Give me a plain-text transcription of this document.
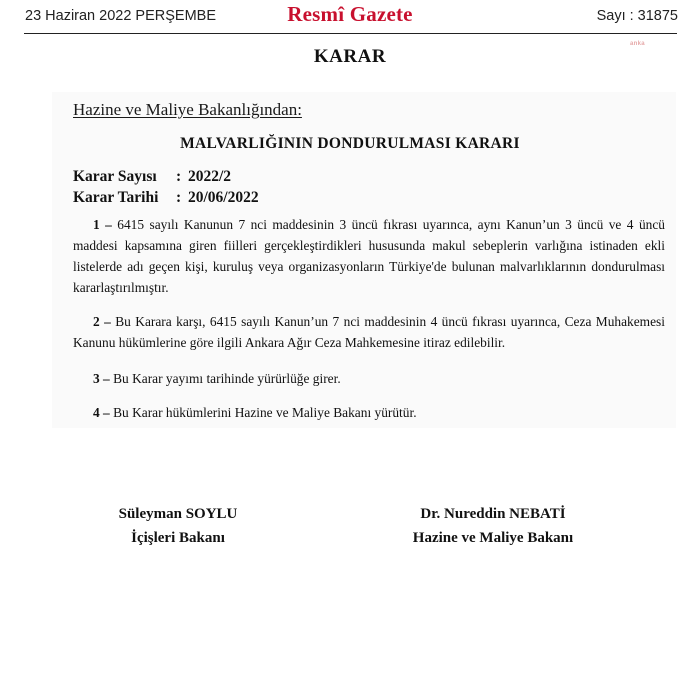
23 Haziran 2022 PERŞEMBE	Resmî Gazete	Sayı : 31875
anka
KARAR
Hazine ve Maliye Bakanlığından:
MALVARLIĞININ DONDURULMASI KARARI
Karar Sayısı : 2022/2
Karar Tarihi : 20/06/2022
1 – 6415 sayılı Kanunun 7 nci maddesinin 3 üncü fıkrası uyarınca, aynı Kanun’un 3 üncü ve 4 üncü maddesi kapsamına giren fiilleri gerçekleştirdikleri hususunda makul sebeplerin varlığına istinaden ekli listelerde adı geçen kişi, kuruluş veya organizasyonların Türkiye'de bulunan malvarlıklarının dondurulması kararlaştırılmıştır.
2 – Bu Karara karşı, 6415 sayılı Kanun’un 7 nci maddesinin 4 üncü fıkrası uyarınca, Ceza Muhakemesi Kanunu hükümlerine göre ilgili Ankara Ağır Ceza Mahkemesine itiraz edilebilir.
3 – Bu Karar yayımı tarihinde yürürlüğe girer.
4 – Bu Karar hükümlerini Hazine ve Maliye Bakanı yürütür.
Süleyman SOYLU
İçişleri Bakanı
Dr. Nureddin NEBATİ
Hazine ve Maliye Bakanı
